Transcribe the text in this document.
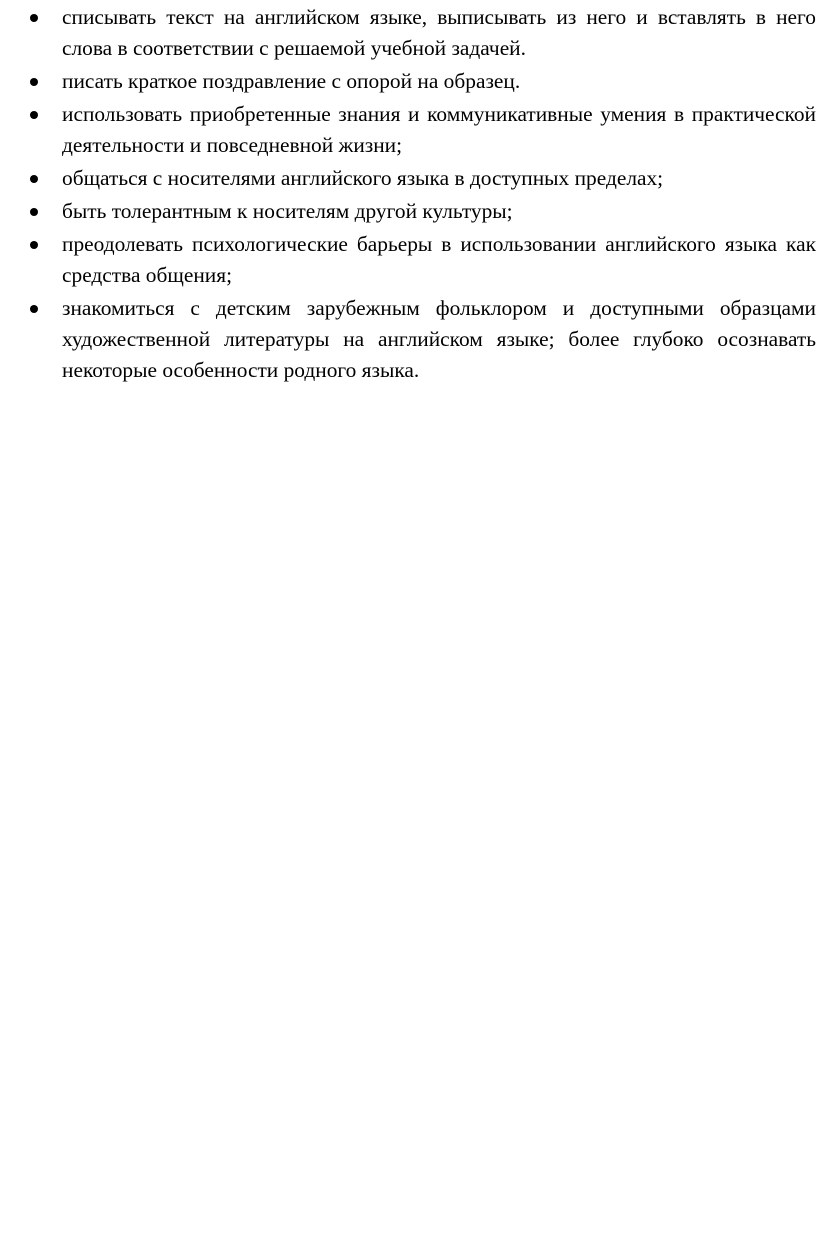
списывать текст на английском языке, выписывать из него и вставлять в него слова в соответствии с решаемой учебной задачей.
писать краткое поздравление с опорой на образец.
использовать приобретенные знания и коммуникативные умения в практической деятельности и повседневной жизни;
общаться с носителями английского языка в доступных пределах;
быть толерантным к носителям другой культуры;
преодолевать психологические барьеры в использовании английского языка как средства общения;
знакомиться с детским зарубежным фольклором и доступными образцами художественной литературы на английском языке; более глубоко осознавать некоторые особенности родного языка.
